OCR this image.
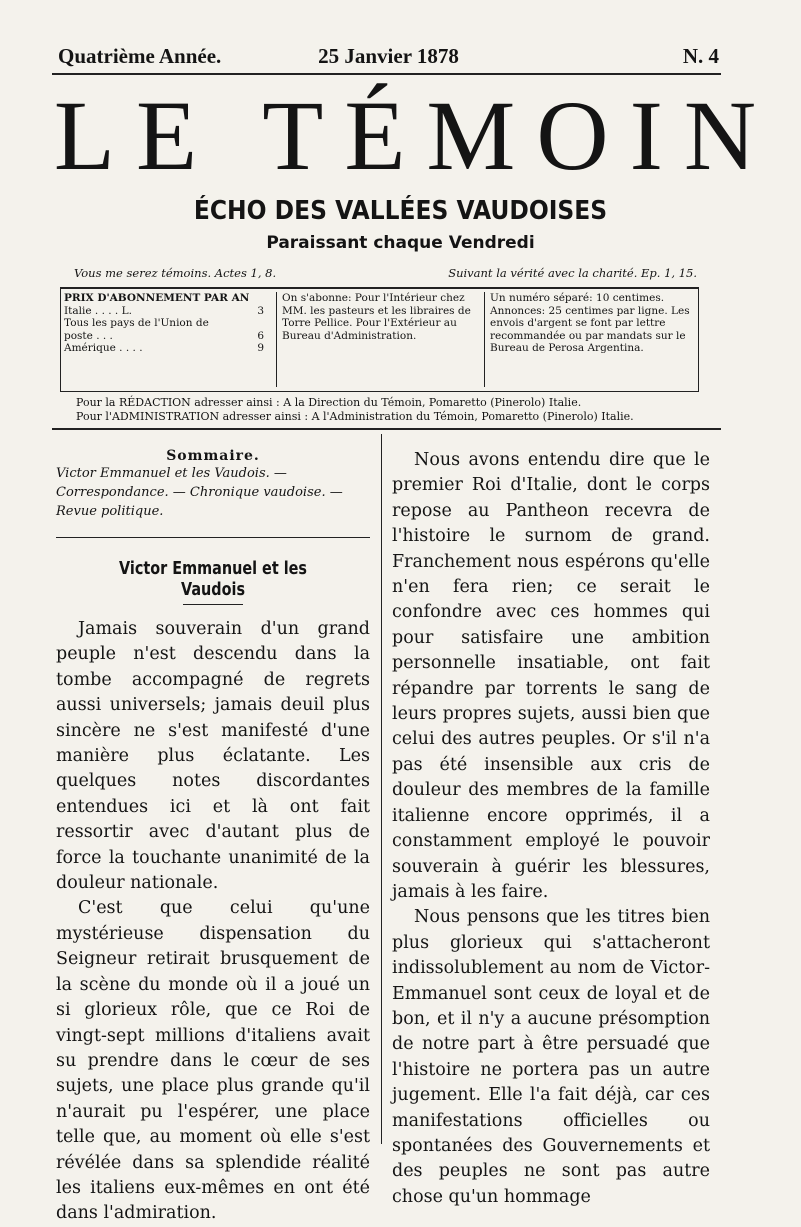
Quatrième Année.	25 Janvier 1878	N. 4
LE TÉMOIN
ÉCHO DES VALLÉES VAUDOISES
Paraissant chaque Vendredi
Vous me serez témoins. Actes 1, 8.	Suivant la vérité avec la charité. Ep. 1, 15.
PRIX D'ABONNEMENT PAR AN
Italie . . . . L.	3
Tous les pays de l'Union de poste . . .	6
Amérique . . . .	9
On s'abonne: Pour l'Intérieur chez MM. les pasteurs et les libraires de Torre Pellice. Pour l'Extérieur au Bureau d'Administration.
Un numéro séparé: 10 centimes. Annonces: 25 centimes par ligne. Les envois d'argent se font par lettre recommandée ou par mandats sur le Bureau de Perosa Argentina.
Pour la RÉDACTION adresser ainsi : A la Direction du Témoin, Pomaretto (Pinerolo) Italie.
Pour l'ADMINISTRATION adresser ainsi : A l'Administration du Témoin, Pomaretto (Pinerolo) Italie.
Sommaire.
Victor Emmanuel et les Vaudois. — Correspondance. — Chronique vaudoise. — Revue politique.
Victor Emmanuel et les Vaudois

Jamais souverain d'un grand peuple n'est descendu dans la tombe accompagné de regrets aussi universels; jamais deuil plus sincère ne s'est manifesté d'une manière plus éclatante. Les quelques notes discordantes entendues ici et là ont fait ressortir avec d'autant plus de force la touchante unanimité de la douleur nationale.

C'est que celui qu'une mystérieuse dispensation du Seigneur retirait brusquement de la scène du monde où il a joué un si glorieux rôle, que ce Roi de vingt-sept millions d'italiens avait su prendre dans le cœur de ses sujets, une place plus grande qu'il n'aurait pu l'espérer, une place telle que, au moment où elle s'est révélée dans sa splendide réalité les italiens eux-mêmes en ont été dans l'admiration.

Nous avons entendu dire que le premier Roi d'Italie, dont le corps repose au Pantheon recevra de l'histoire le surnom de grand. Franchement nous espérons qu'elle n'en fera rien; ce serait le confondre avec ces hommes qui pour satisfaire une ambition personnelle insatiable, ont fait répandre par torrents le sang de leurs propres sujets, aussi bien que celui des autres peuples. Or s'il n'a pas été insensible aux cris de douleur des membres de la famille italienne encore opprimés, il a constamment employé le pouvoir souverain à guérir les blessures, jamais à les faire.

Nous pensons que les titres bien plus glorieux qui s'attacheront indissolublement au nom de Victor-Emmanuel sont ceux de loyal et de bon, et il n'y a aucune présomption de notre part à être persuadé que l'histoire ne portera pas un autre jugement. Elle l'a fait déjà, car ces manifestations officielles ou spontanées des Gouvernements et des peuples ne sont pas autre chose qu'un hommage
